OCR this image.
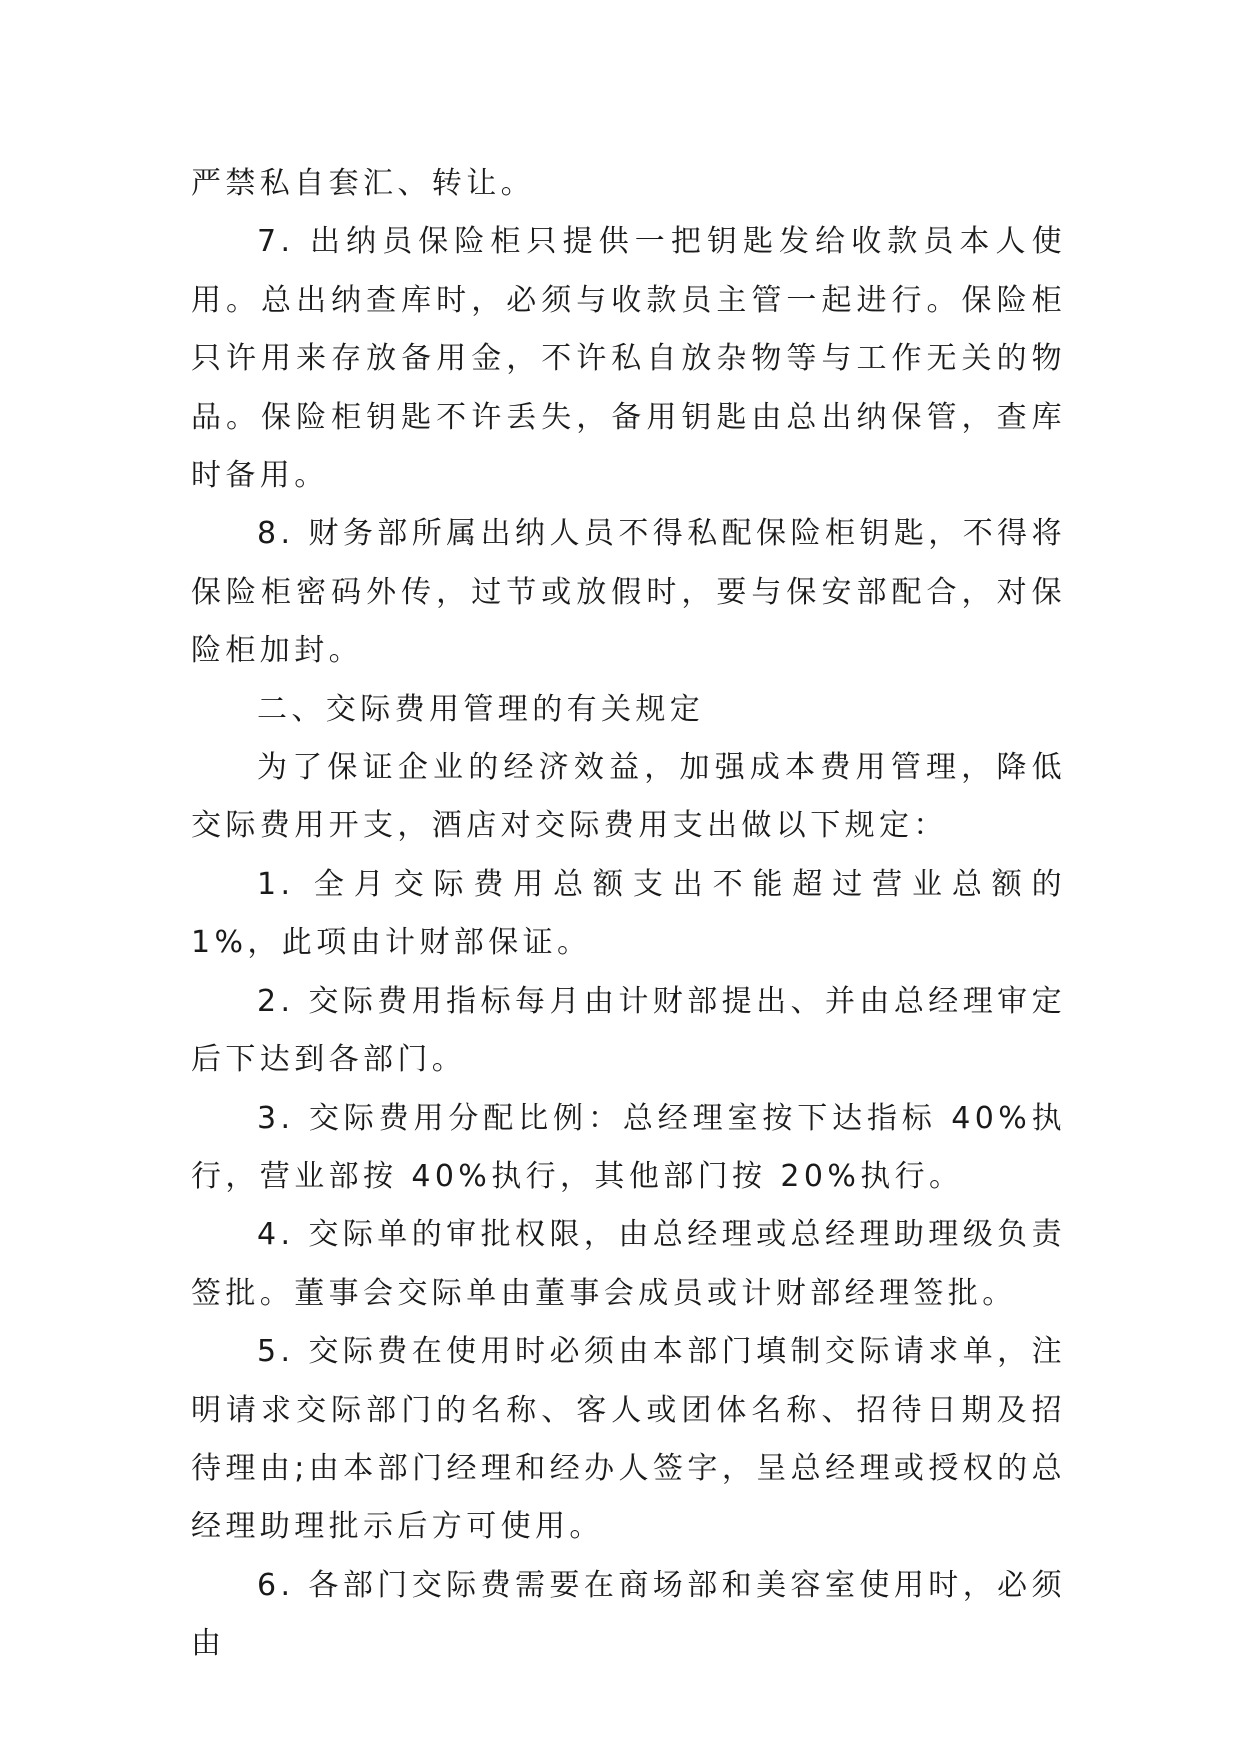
严禁私自套汇、转让。

7. 出纳员保险柜只提供一把钥匙发给收款员本人使用。总出纳查库时，必须与收款员主管一起进行。保险柜只许用来存放备用金，不许私自放杂物等与工作无关的物品。保险柜钥匙不许丢失，备用钥匙由总出纳保管，查库时备用。

8. 财务部所属出纳人员不得私配保险柜钥匙，不得将保险柜密码外传，过节或放假时，要与保安部配合，对保险柜加封。

二、交际费用管理的有关规定

为了保证企业的经济效益，加强成本费用管理，降低交际费用开支，酒店对交际费用支出做以下规定：

1. 全月交际费用总额支出不能超过营业总额的 1%，此项由计财部保证。

2. 交际费用指标每月由计财部提出、并由总经理审定后下达到各部门。

3. 交际费用分配比例：总经理室按下达指标 40%执行，营业部按 40%执行，其他部门按 20%执行。

4. 交际单的审批权限，由总经理或总经理助理级负责签批。董事会交际单由董事会成员或计财部经理签批。

5. 交际费在使用时必须由本部门填制交际请求单，注明请求交际部门的名称、客人或团体名称、招待日期及招待理由;由本部门经理和经办人签字，呈总经理或授权的总经理助理批示后方可使用。

6. 各部门交际费需要在商场部和美容室使用时，必须由
